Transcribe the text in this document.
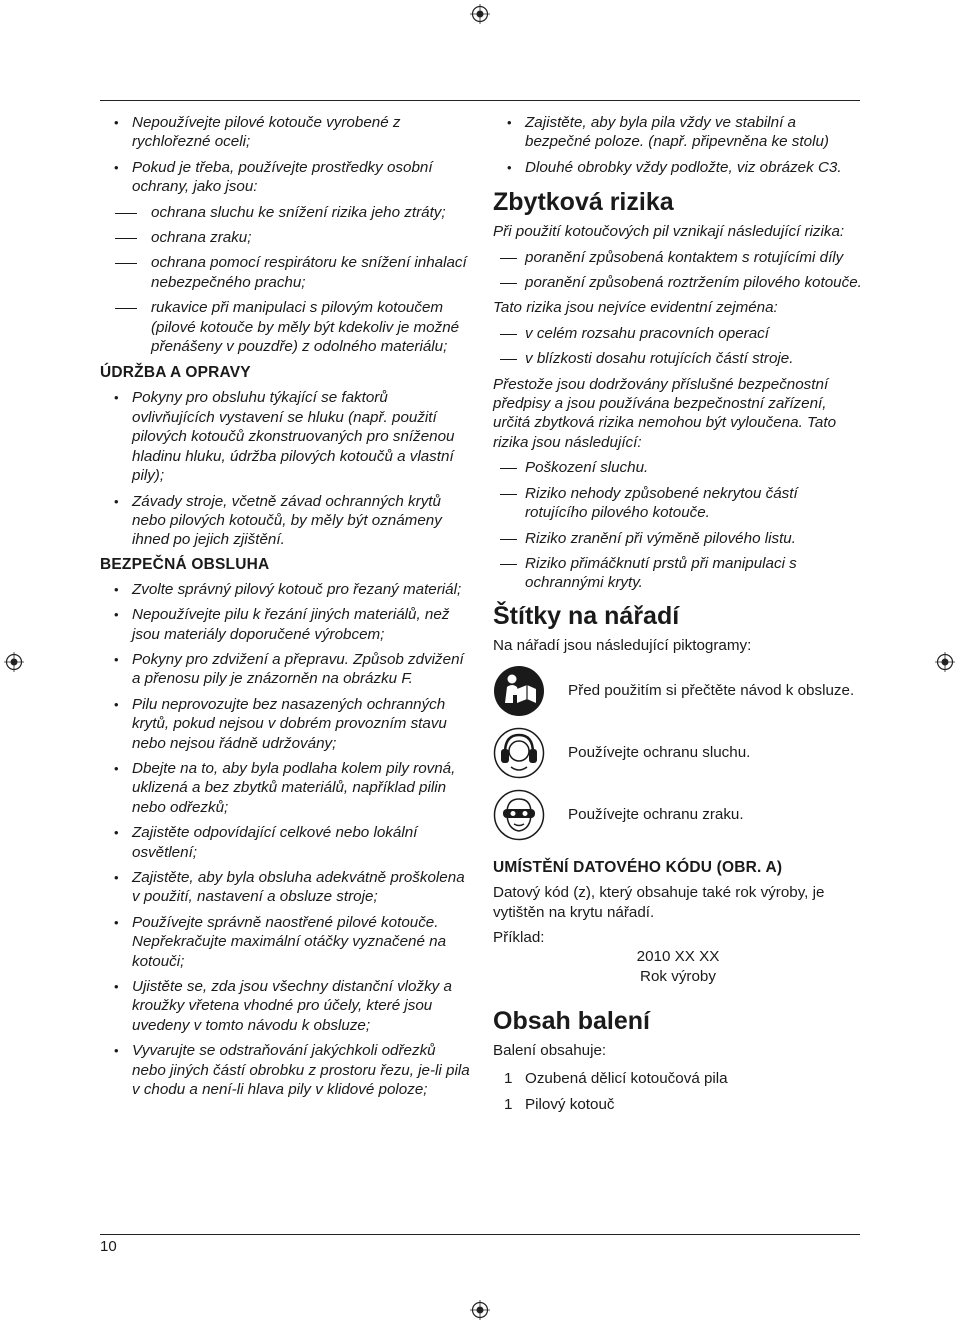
• Nepoužívejte pilové kotouče vyrobené z rychlořezné oceli;
• Pokud je třeba, používejte prostředky osobní ochrany, jako jsou:
ochrana sluchu ke snížení rizika jeho ztráty;
ochrana zraku;
ochrana pomocí respirátoru ke snížení inhalací nebezpečného prachu;
rukavice při manipulaci s pilovým kotoučem (pilové kotouče by měly být kdekoliv je možné přenášeny v pouzdře) z odolného materiálu;
ÚDRŽBA A OPRAVY
• Pokyny pro obsluhu týkající se faktorů ovlivňujících vystavení se hluku (např. použití pilových kotoučů zkonstruovaných pro sníženou hladinu hluku, údržba pilových kotoučů a vlastní pily);
• Závady stroje, včetně závad ochranných krytů nebo pilových kotoučů, by měly být oznámeny ihned po jejich zjištění.
BEZPEČNÁ OBSLUHA
• Zvolte správný pilový kotouč pro řezaný materiál;
• Nepoužívejte pilu k řezání jiných materiálů, než jsou materiály doporučené výrobcem;
• Pokyny pro zdvižení a přepravu. Způsob zdvižení a přenosu pily je znázorněn na obrázku F.
• Pilu neprovozujte bez nasazených ochranných krytů, pokud nejsou v dobrém provozním stavu nebo nejsou řádně udržovány;
• Dbejte na to, aby byla podlaha kolem pily rovná, uklizená a bez zbytků materiálů, například pilin nebo odřezků;
• Zajistěte odpovídající celkové nebo lokální osvětlení;
• Zajistěte, aby byla obsluha adekvátně proškolena v použití, nastavení a obsluze stroje;
• Používejte správně naostřené pilové kotouče. Nepřekračujte maximální otáčky vyznačené na kotouči;
• Ujistěte se, zda jsou všechny distanční vložky a kroužky vřetena vhodné pro účely, které jsou uvedeny v tomto návodu k obsluze;
• Vyvarujte se odstraňování jakýchkoli odřezků nebo jiných částí obrobku z prostoru řezu, je-li pila v chodu a není-li hlava pily v klidové poloze;
• Zajistěte, aby byla pila vždy ve stabilní a bezpečné poloze. (např. připevněna ke stolu)
• Dlouhé obrobky vždy podložte, viz obrázek C3.
Zbytková rizika
Při použití kotoučových pil vznikají následující rizika:
poranění způsobená kontaktem s rotujícími díly
poranění způsobená roztržením pilového kotouče.
Tato rizika jsou nejvíce evidentní zejména:
v celém rozsahu pracovních operací
v blízkosti dosahu rotujících částí stroje.
Přestože jsou dodržovány příslušné bezpečnostní předpisy a jsou používána bezpečnostní zařízení, určitá zbytková rizika nemohou být vyloučena. Tato rizika jsou následující:
Poškození sluchu.
Riziko nehody způsobené nekrytou částí rotujícího pilového kotouče.
Riziko zranění při výměně pilového listu.
Riziko přimáčknutí prstů při manipulaci s ochrannými kryty.
Štítky na nářadí
Na nářadí jsou následující piktogramy:
Před použitím si přečtěte návod k obsluze.
Používejte ochranu sluchu.
Používejte ochranu zraku.
UMÍSTĚNÍ DATOVÉHO KÓDU (OBR. A)
Datový kód (z), který obsahuje také rok výroby, je vytištěn na krytu nářadí.
Příklad:
2010 XX XX
Rok výroby
Obsah balení
Balení obsahuje:
1 Ozubená dělicí kotoučová pila
1 Pilový kotouč
10
